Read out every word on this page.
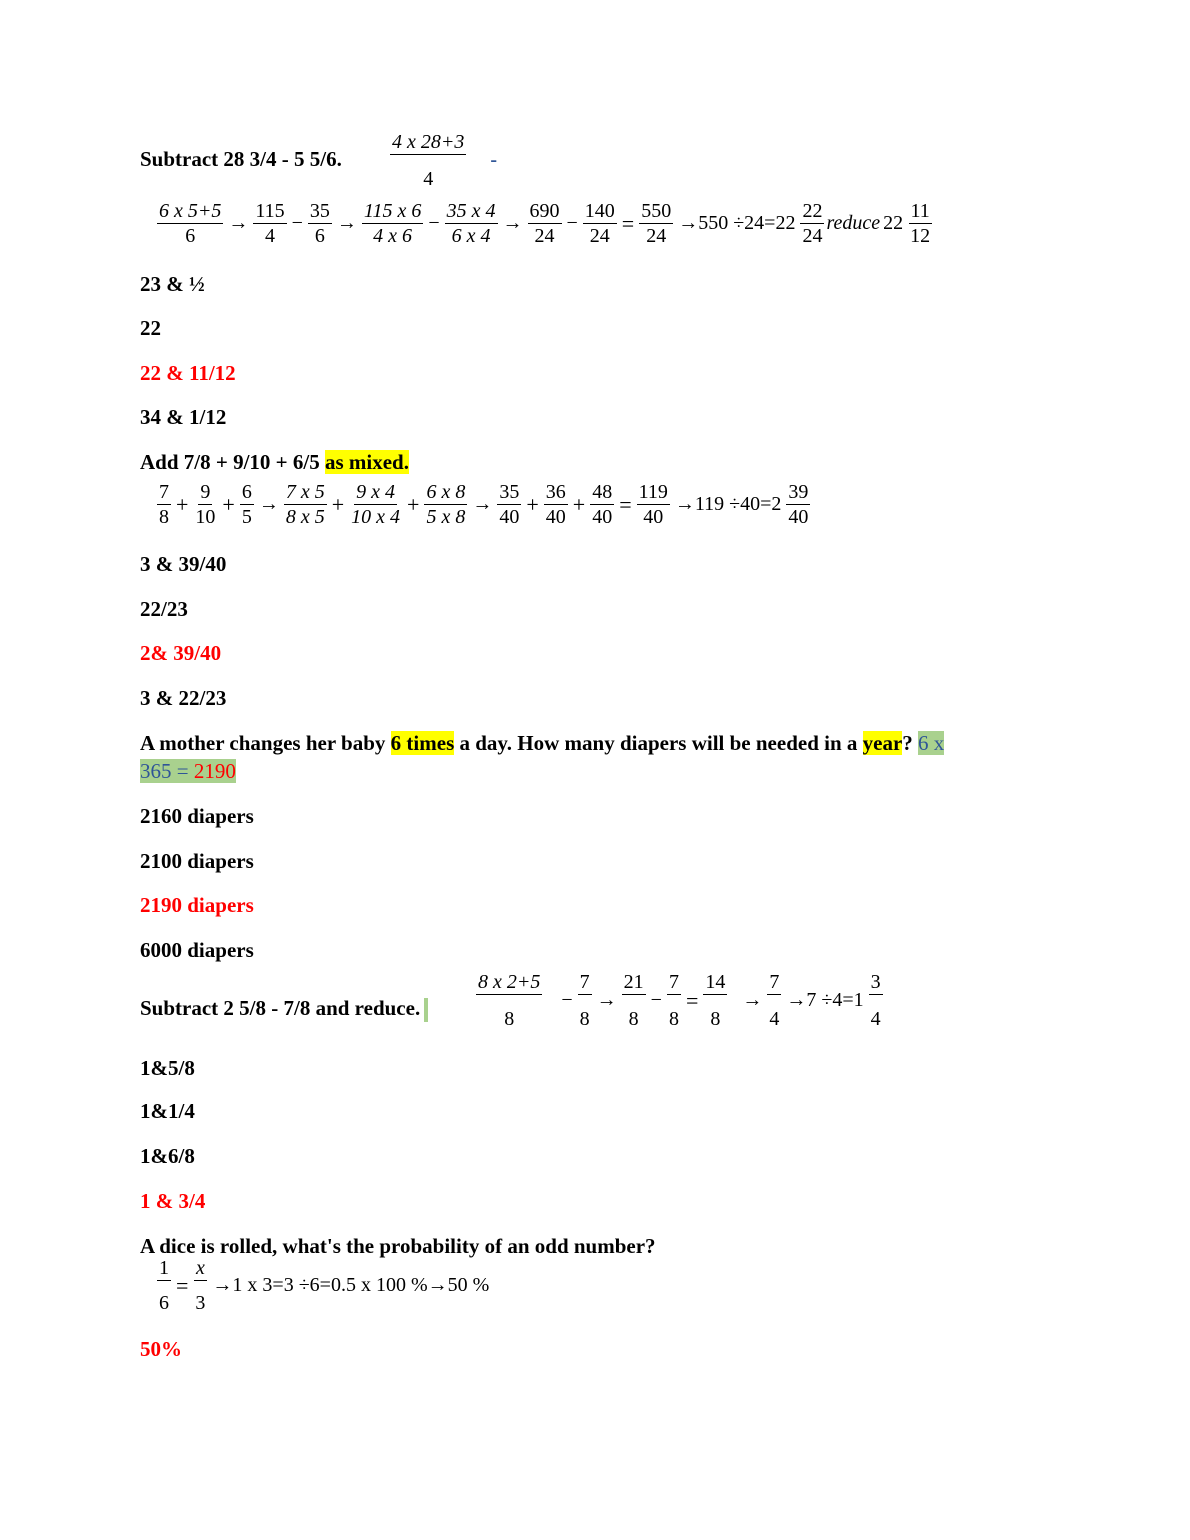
Subtract 28 3/4 - 5 5/6. $\frac{4 x 28+3}{4}$ -
$\frac{6 x 5+5}{6} \to \frac{115}{4} - \frac{35}{6} \to \frac{115 x 6}{4 x 6} - \frac{35 x 4}{6 x 4} \to \frac{690}{24} - \frac{140}{24} = \frac{550}{24} \to 550 \div 24=22 \frac{22}{24}$ reduce $22 \frac{11}{12}$
23 & ½
22
22 & 11/12
34 & 1/12
Add 7/8 + 9/10 + 6/5 as mixed.
$\frac{7}{8} + \frac{9}{10} + \frac{6}{5} \to \frac{7 x 5}{8 x 5} + \frac{9 x 4}{10 x 4} + \frac{6 x 8}{5 x 8} \to \frac{35}{40} + \frac{36}{40} + \frac{48}{40} = \frac{119}{40} \to 119 \div 40=2 \frac{39}{40}$
3 & 39/40
22/23
2& 39/40
3 & 22/23
A mother changes her baby 6 times a day. How many diapers will be needed in a year? 6 x
365 = 2190
2160 diapers
2100 diapers
2190 diapers
6000 diapers
Subtract 2 5/8 - 7/8 and reduce.	$\frac{8 x 2+5}{8} - \frac{7}{8} \to \frac{21}{8} - \frac{7}{8} = \frac{14}{8} \to \frac{7}{4} \to 7 \div 4=1 \frac{3}{4}$
1&5/8
1&1/4
1&6/8
1 & 3/4
A dice is rolled, what's the probability of an odd number?
$\frac{1}{6} = \frac{x}{3} \to 1$ x 3=3 ÷6=0.5 x 100 %→50 %
50%
